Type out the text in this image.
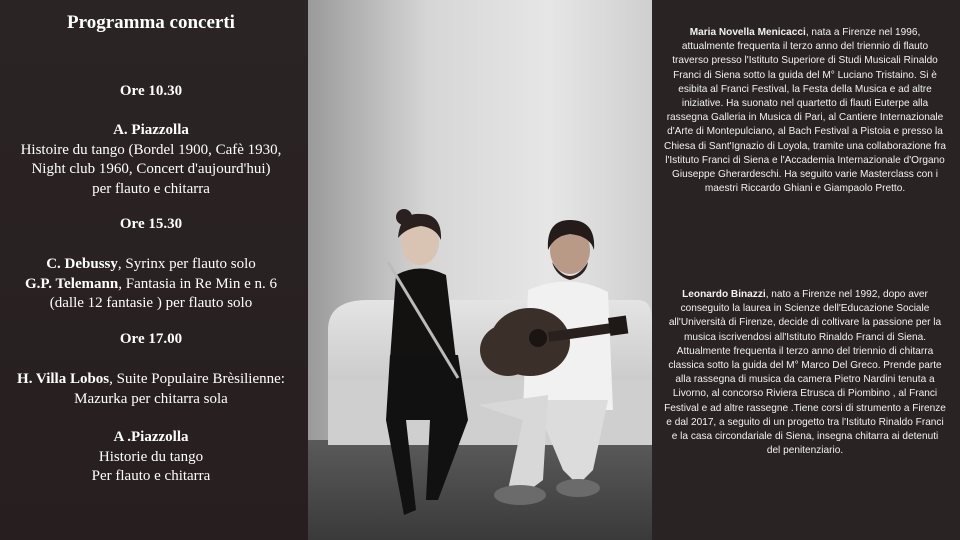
Programma concerti
Ore 10.30
A. Piazzolla
Histoire du tango (Bordel 1900, Cafè 1930,
Night club 1960, Concert d'aujourd'hui)
per flauto e chitarra
Ore 15.30
C. Debussy, Syrinx per flauto solo
G.P. Telemann, Fantasia in Re Min e n. 6
(dalle 12 fantasie ) per flauto solo
Ore 17.00
H. Villa Lobos, Suite Populaire Brèsilienne:
Mazurka per chitarra sola
A .Piazzolla
Historie du tango
Per flauto e chitarra
Maria Novella Menicacci, nata a Firenze nel 1996, attualmente frequenta il terzo anno del triennio di flauto traverso presso l'Istituto Superiore di Studi Musicali Rinaldo Franci di Siena sotto la guida del M° Luciano Tristaino. Si è esibita al Franci Festival, la Festa della Musica e ad altre iniziative. Ha suonato nel quartetto di flauti Euterpe alla rassegna Galleria in Musica di Pari, al Cantiere Internazionale d'Arte di Montepulciano, al Bach Festival a Pistoia e presso la Chiesa di Sant'Ignazio di Loyola, tramite una collaborazione fra l'Istituto Franci di Siena e l'Accademia Internazionale d'Organo Giuseppe Gherardeschi. Ha seguito varie Masterclass con i maestri Riccardo Ghiani e Giampaolo Pretto.
Leonardo Binazzi, nato a Firenze nel 1992, dopo aver conseguito la laurea in Scienze dell'Educazione Sociale all'Università di Firenze, decide di coltivare la passione per la musica iscrivendosi all'Istituto Rinaldo Franci di Siena. Attualmente frequenta il terzo anno del triennio di chitarra classica sotto la guida del M° Marco Del Greco. Prende parte alla rassegna di musica da camera Pietro Nardini tenuta a Livorno, al concorso Riviera Etrusca di Piombino , al Franci Festival e ad altre rassegne .Tiene corsi di strumento a Firenze e dal 2017, a seguito di un progetto tra l'Istituto Rinaldo Franci e la casa circondariale di Siena, insegna chitarra ai detenuti del penitenziario.
